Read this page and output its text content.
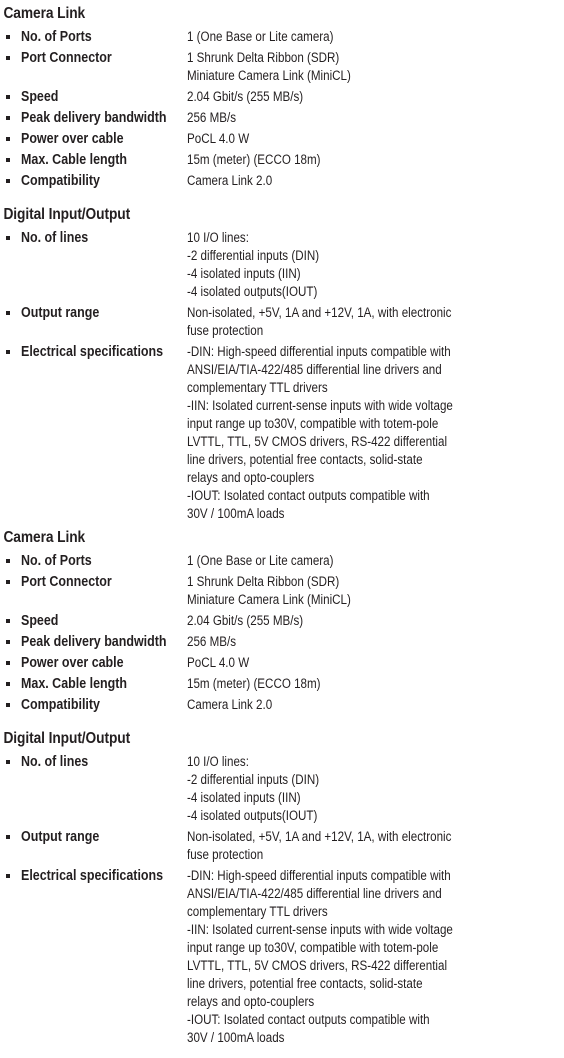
Camera Link
No. of Ports	1 (One Base or Lite camera)
Port Connector	1 Shrunk Delta Ribbon (SDR)
Miniature Camera Link (MiniCL)
Speed	2.04 Gbit/s (255 MB/s)
Peak delivery bandwidth 256 MB/s
Power over cable	PoCL 4.0 W
Max. Cable length	15m (meter) (ECCO 18m)
Compatibility	Camera Link 2.0
Digital Input/Output
No. of lines	10 I/O lines:
-2 differential inputs (DIN)
-4 isolated inputs (IIN)
-4 isolated outputs(IOUT)
Output range	Non-isolated, +5V, 1A and +12V, 1A, with electronic
fuse protection
Electrical specifications -DIN: High-speed differential inputs compatible with
ANSI/EIA/TIA-422/485 differential line drivers and
complementary TTL drivers
-IIN: Isolated current-sense inputs with wide voltage
input range up to30V, compatible with totem-pole
LVTTL, TTL, 5V CMOS drivers, RS-422 differential
line drivers, potential free contacts, solid-state
relays and opto-couplers
-IOUT: Isolated contact outputs compatible with
30V / 100mA loads
Camera Link
No. of Ports	1 (One Base or Lite camera)
Port Connector	1 Shrunk Delta Ribbon (SDR)
Miniature Camera Link (MiniCL)
Speed	2.04 Gbit/s (255 MB/s)
Peak delivery bandwidth 256 MB/s
Power over cable	PoCL 4.0 W
Max. Cable length	15m (meter) (ECCO 18m)
Compatibility	Camera Link 2.0
Digital Input/Output
No. of lines	10 I/O lines:
-2 differential inputs (DIN)
-4 isolated inputs (IIN)
-4 isolated outputs(IOUT)
Output range	Non-isolated, +5V, 1A and +12V, 1A, with electronic
fuse protection
Electrical specifications -DIN: High-speed differential inputs compatible with
ANSI/EIA/TIA-422/485 differential line drivers and
complementary TTL drivers
-IIN: Isolated current-sense inputs with wide voltage
input range up to30V, compatible with totem-pole
LVTTL, TTL, 5V CMOS drivers, RS-422 differential
line drivers, potential free contacts, solid-state
relays and opto-couplers
-IOUT: Isolated contact outputs compatible with
30V / 100mA loads
